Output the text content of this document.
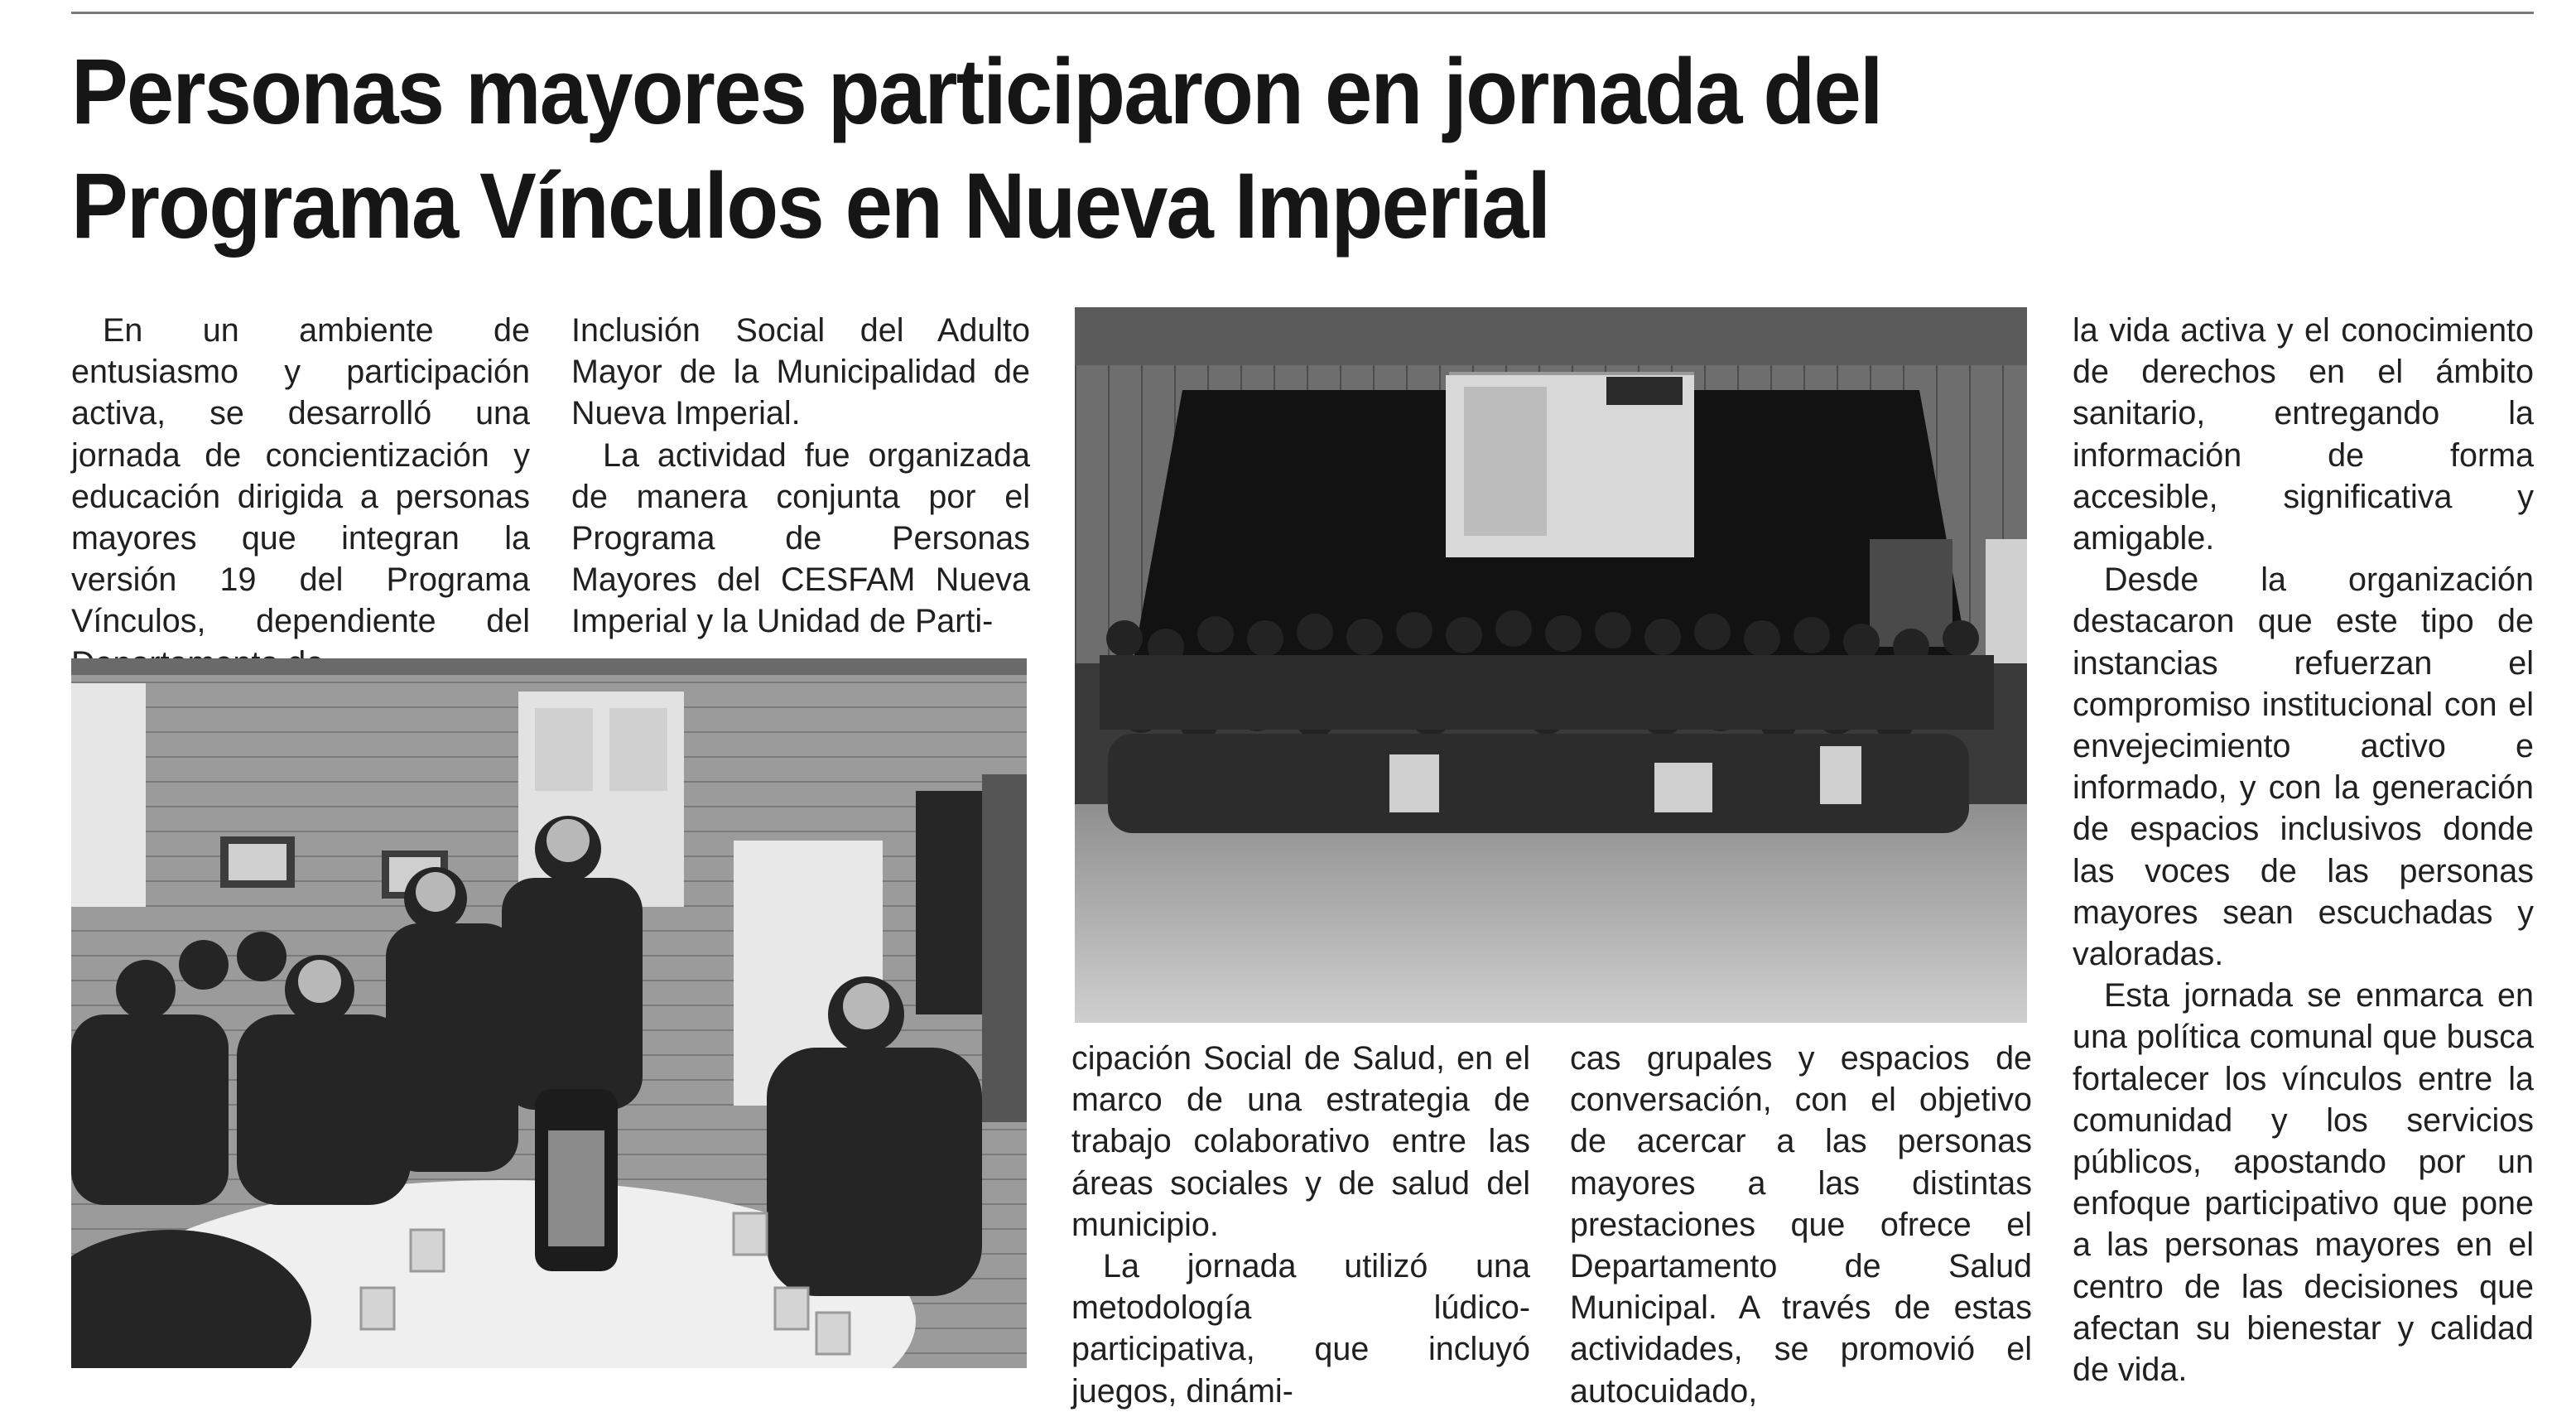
Personas mayores participaron en jornada del Programa Vínculos en Nueva Imperial

En un ambiente de entusiasmo y participación activa, se desarrolló una jornada de concientización y educación dirigida a personas mayores que integran la versión 19 del Programa Vínculos, dependiente del

Inclusión Social del Adulto Mayor de la Municipalidad de Nueva Imperial.

La actividad fue organizada de manera conjunta por el Programa de Personas Mayores del CESFAM Nueva Imperial y la Unidad de Parti-

cipación Social de Salud, en el marco de una estrategia de trabajo colaborativo entre las áreas sociales y de salud del municipio.

La jornada utilizó una metodología lúdico-participativa, que incluyó juegos, dinámi-

cas grupales y espacios de conversación, con el objetivo de acercar a las personas mayores a las distintas prestaciones que ofrece el Departamento de Salud Municipal. A través de estas actividades, se promovió el autocuidado,

la vida activa y el conocimiento de derechos en el ámbito sanitario, entregando la información de forma accesible, significativa y amigable.

Desde la organización destacaron que este tipo de instancias refuerzan el compromiso institucional con el envejecimiento activo e informado, y con la generación de espacios inclusivos donde las voces de las personas mayores sean escuchadas y valoradas.

Esta jornada se enmarca en una política comunal que busca fortalecer los vínculos entre la comunidad y los servicios públicos, apostando por un enfoque participativo que pone a las personas mayores en el centro de las decisiones que afectan su bienestar y calidad de vida.
